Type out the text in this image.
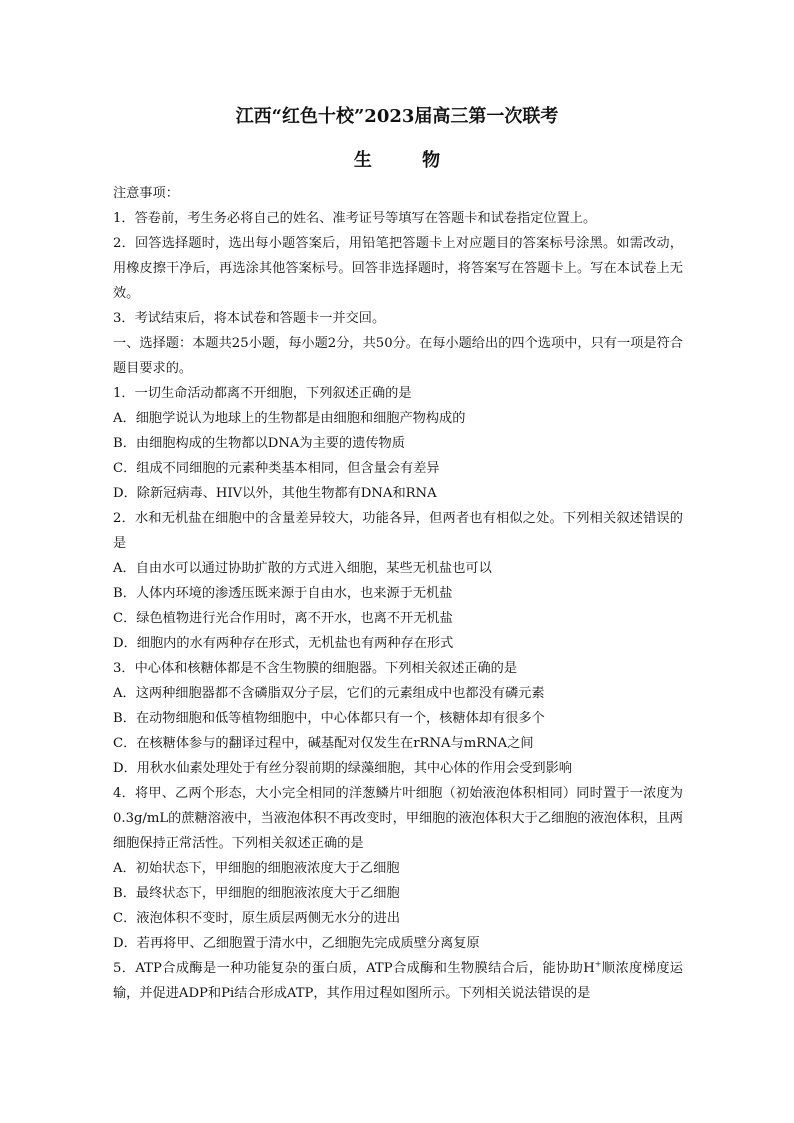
江西“红色十校”2023届高三第一次联考
生 物
注意事项：
1．答卷前，考生务必将自己的姓名、准考证号等填写在答题卡和试卷指定位置上。
2．回答选择题时，选出每小题答案后，用铅笔把答题卡上对应题目的答案标号涂黑。如需改动，用橡皮擦干净后，再选涂其他答案标号。回答非选择题时，将答案写在答题卡上。写在本试卷上无效。
3．考试结束后，将本试卷和答题卡一并交回。
一、选择题：本题共25小题，每小题2分，共50分。在每小题给出的四个选项中，只有一项是符合题目要求的。
1．一切生命活动都离不开细胞，下列叙述正确的是
A．细胞学说认为地球上的生物都是由细胞和细胞产物构成的
B．由细胞构成的生物都以DNA为主要的遗传物质
C．组成不同细胞的元素种类基本相同，但含量会有差异
D．除新冠病毒、HIV以外，其他生物都有DNA和RNA
2．水和无机盐在细胞中的含量差异较大，功能各异，但两者也有相似之处。下列相关叙述错误的是
A．自由水可以通过协助扩散的方式进入细胞，某些无机盐也可以
B．人体内环境的渗透压既来源于自由水，也来源于无机盐
C．绿色植物进行光合作用时，离不开水，也离不开无机盐
D．细胞内的水有两种存在形式，无机盐也有两种存在形式
3．中心体和核糖体都是不含生物膜的细胞器。下列相关叙述正确的是
A．这两种细胞器都不含磷脂双分子层，它们的元素组成中也都没有磷元素
B．在动物细胞和低等植物细胞中，中心体都只有一个，核糖体却有很多个
C．在核糖体参与的翻译过程中，碱基配对仅发生在rRNA与mRNA之间
D．用秋水仙素处理处于有丝分裂前期的绿藻细胞，其中心体的作用会受到影响
4．将甲、乙两个形态，大小完全相同的洋葱鳞片叶细胞（初始液泡体积相同）同时置于一浓度为0.3g/mL的蔗糖溶液中，当液泡体积不再改变时，甲细胞的液泡体积大于乙细胞的液泡体积，且两细胞保持正常活性。下列相关叙述正确的是
A．初始状态下，甲细胞的细胞液浓度大于乙细胞
B．最终状态下，甲细胞的细胞液浓度大于乙细胞
C．液泡体积不变时，原生质层两侧无水分的进出
D．若再将甲、乙细胞置于清水中，乙细胞先完成质壁分离复原
5．ATP合成酶是一种功能复杂的蛋白质，ATP合成酶和生物膜结合后，能协助H+顺浓度梯度运输，并促进ADP和Pi结合形成ATP，其作用过程如图所示。下列相关说法错误的是
